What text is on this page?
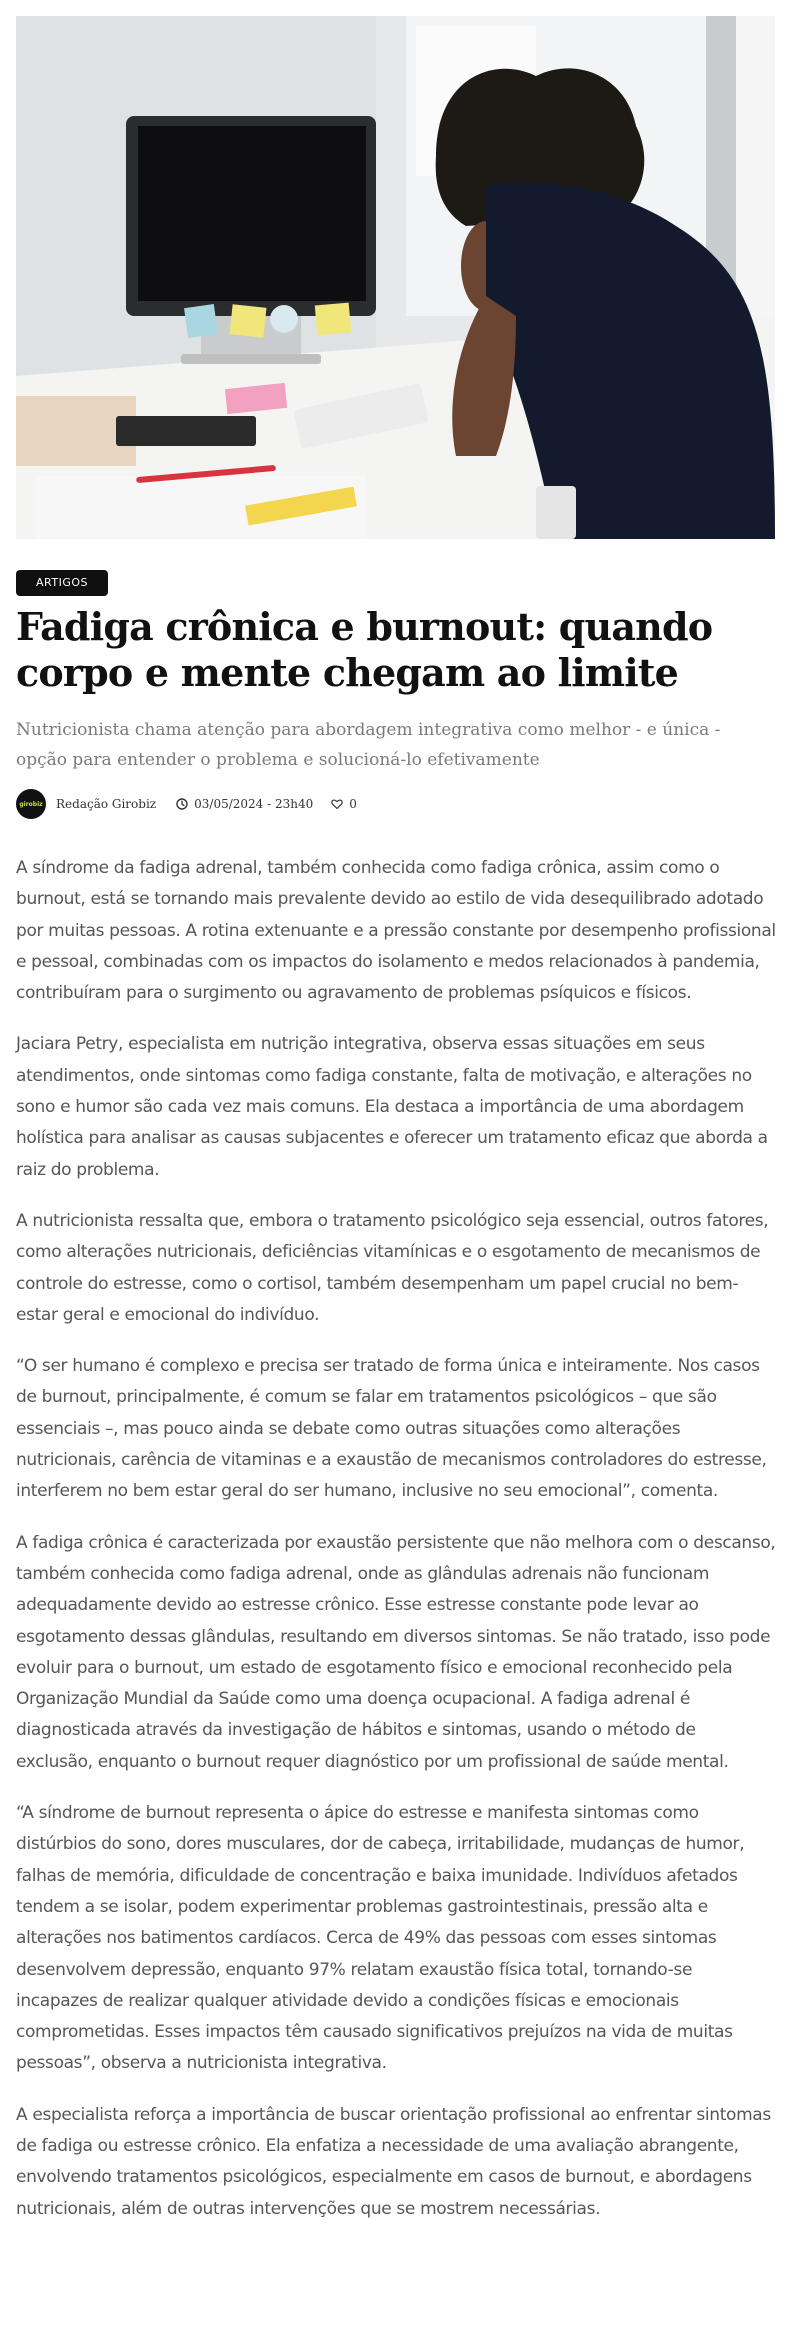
ARTIGOS
Fadiga crônica e burnout: quando corpo e mente chegam ao limite

Nutricionista chama atenção para abordagem integrativa como melhor - e única - opção para entender o problema e solucioná-lo efetivamente

girobiz Redação Girobiz	03/05/2024 - 23h40	0

A síndrome da fadiga adrenal, também conhecida como fadiga crônica, assim como o burnout, está se tornando mais prevalente devido ao estilo de vida desequilibrado adotado por muitas pessoas. A rotina extenuante e a pressão constante por desempenho profissional e pessoal, combinadas com os impactos do isolamento e medos relacionados à pandemia, contribuíram para o surgimento ou agravamento de problemas psíquicos e físicos.

Jaciara Petry, especialista em nutrição integrativa, observa essas situações em seus atendimentos, onde sintomas como fadiga constante, falta de motivação, e alterações no sono e humor são cada vez mais comuns. Ela destaca a importância de uma abordagem holística para analisar as causas subjacentes e oferecer um tratamento eficaz que aborda a raiz do problema.

A nutricionista ressalta que, embora o tratamento psicológico seja essencial, outros fatores, como alterações nutricionais, deficiências vitamínicas e o esgotamento de mecanismos de controle do estresse, como o cortisol, também desempenham um papel crucial no bem-estar geral e emocional do indivíduo.

“O ser humano é complexo e precisa ser tratado de forma única e inteiramente. Nos casos de burnout, principalmente, é comum se falar em tratamentos psicológicos – que são essenciais –, mas pouco ainda se debate como outras situações como alterações nutricionais, carência de vitaminas e a exaustão de mecanismos controladores do estresse, interferem no bem estar geral do ser humano, inclusive no seu emocional”, comenta.

A fadiga crônica é caracterizada por exaustão persistente que não melhora com o descanso, também conhecida como fadiga adrenal, onde as glândulas adrenais não funcionam adequadamente devido ao estresse crônico. Esse estresse constante pode levar ao esgotamento dessas glândulas, resultando em diversos sintomas. Se não tratado, isso pode evoluir para o burnout, um estado de esgotamento físico e emocional reconhecido pela Organização Mundial da Saúde como uma doença ocupacional. A fadiga adrenal é diagnosticada através da investigação de hábitos e sintomas, usando o método de exclusão, enquanto o burnout requer diagnóstico por um profissional de saúde mental.

“A síndrome de burnout representa o ápice do estresse e manifesta sintomas como distúrbios do sono, dores musculares, dor de cabeça, irritabilidade, mudanças de humor, falhas de memória, dificuldade de concentração e baixa imunidade. Indivíduos afetados tendem a se isolar, podem experimentar problemas gastrointestinais, pressão alta e alterações nos batimentos cardíacos. Cerca de 49% das pessoas com esses sintomas desenvolvem depressão, enquanto 97% relatam exaustão física total, tornando-se incapazes de realizar qualquer atividade devido a condições físicas e emocionais comprometidas. Esses impactos têm causado significativos prejuízos na vida de muitas pessoas”, observa a nutricionista integrativa.

A especialista reforça a importância de buscar orientação profissional ao enfrentar sintomas de fadiga ou estresse crônico. Ela enfatiza a necessidade de uma avaliação abrangente, envolvendo tratamentos psicológicos, especialmente em casos de burnout, e abordagens nutricionais, além de outras intervenções que se mostrem necessárias.
